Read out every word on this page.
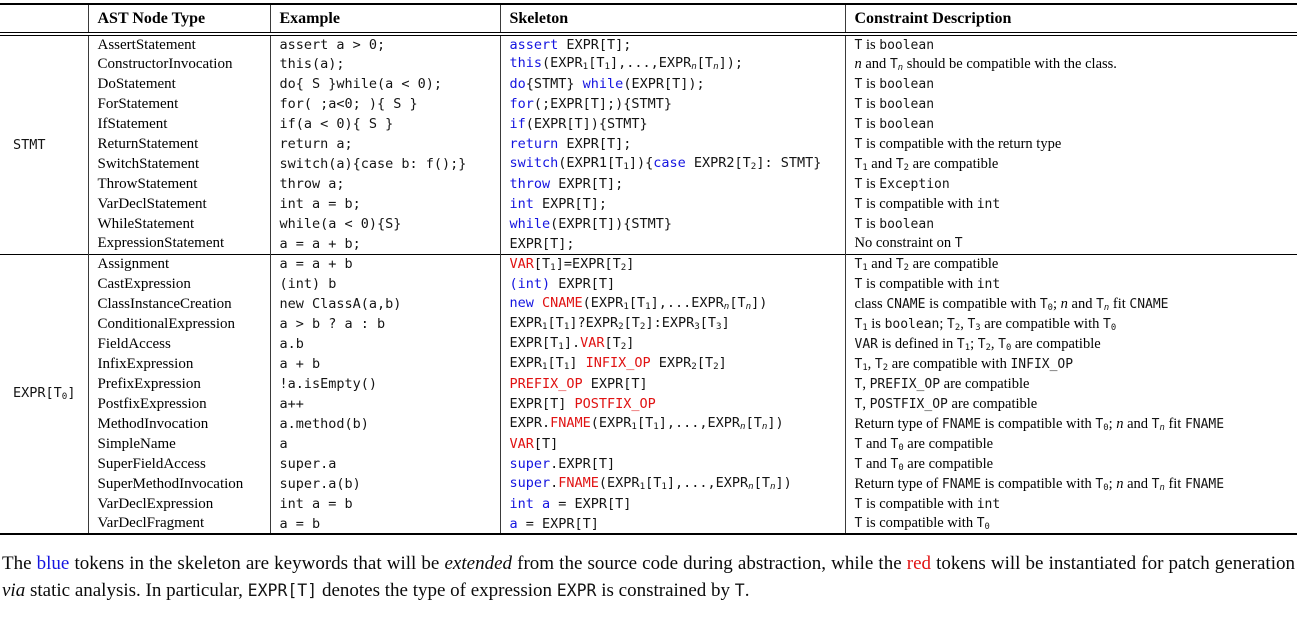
	AST Node Type	Example	Skeleton	Constraint Description
STMT	AssertStatement	assert a > 0;	assert EXPR[T];	T is boolean
	ConstructorInvocation	this(a);	$this(EXPR_1[T_1],...,EXPR_n[T_n])$;	n and $T_n$ should be compatible with the class.
	DoStatement	do{ S }while(a < 0);	do{STMT} while(EXPR[T]);	T is boolean
	ForStatement	for( ;a<0; ){ S }	for(;EXPR[T];){STMT}	T is boolean
	IfStatement	if(a < 0){ S }	if(EXPR[T]){STMT}	T is boolean
	ReturnStatement	return a;	return EXPR[T];	T is compatible with the return type
	SwitchStatement	switch(a){case b: f();}	$switch(EXPR1[T_1])\{case$ $EXPR2[T_2]$: STMT}	$T_1$ and $T_2$ are compatible
	ThrowStatement	throw a;	throw EXPR[T];	T is Exception
	VarDeclStatement	int a = b;	int EXPR[T];	T is compatible with int
	WhileStatement	while(a < 0){S}	while(EXPR[T]){STMT}	T is boolean
	ExpressionStatement	a = a + b;	EXPR[T];	No constraint on T
$EXPR[T_0]$	Assignment	a = a + b	$VAR[T_1]=EXPR[T_2]$	$T_1$ and $T_2$ are compatible
	CastExpression	(int) b	(int) EXPR[T]	T is compatible with int
	ClassInstanceCreation	new ClassA(a,b)	new $CNAME(EXPR_1[T_1],...EXPR_n[T_n])$	class CNAME is compatible with $T_0$; n and $T_n$ fit CNAME
	ConditionalExpression	a > b ? a : b	$EXPR_1[T_1]?EXPR_2[T_2]:EXPR_3[T_3]$	$T_1$ is boolean; $T_2$, $T_3$ are compatible with $T_0$
	FieldAccess	a.b	$EXPR[T_1].VAR[T_2]$	VAR is defined in $T_1$; $T_2$, $T_0$ are compatible
	InfixExpression	a + b	$EXPR_1[T_1]$ INFIX_OP $EXPR_2[T_2]$	$T_1$, $T_2$ are compatible with INFIX_OP
	PrefixExpression	!a.isEmpty()	PREFIX_OP EXPR[T]	T, PREFIX_OP are compatible
	PostfixExpression	a++	EXPR[T] POSTFIX_OP	T, POSTFIX_OP are compatible
	MethodInvocation	a.method(b)	$EXPR.FNAME(EXPR_1[T_1],...,EXPR_n[T_n])$	Return type of FNAME is compatible with $T_0$; n and $T_n$ fit FNAME
	SimpleName	a	VAR[T]	T and $T_0$ are compatible
	SuperFieldAccess	super.a	super.EXPR[T]	T and $T_0$ are compatible
	SuperMethodInvocation	super.a(b)	$super.FNAME(EXPR_1[T_1],...,EXPR_n[T_n])$	Return type of FNAME is compatible with $T_0$; n and $T_n$ fit FNAME
	VarDeclExpression	int a = b	int a = EXPR[T]	T is compatible with int
	VarDeclFragment	a = b	a = EXPR[T]	T is compatible with $T_0$

The blue tokens in the skeleton are keywords that will be extended from the source code during abstraction, while the red tokens will be instantiated for patch generation via static analysis. In particular, EXPR[T] denotes the type of expression EXPR is constrained by T.
